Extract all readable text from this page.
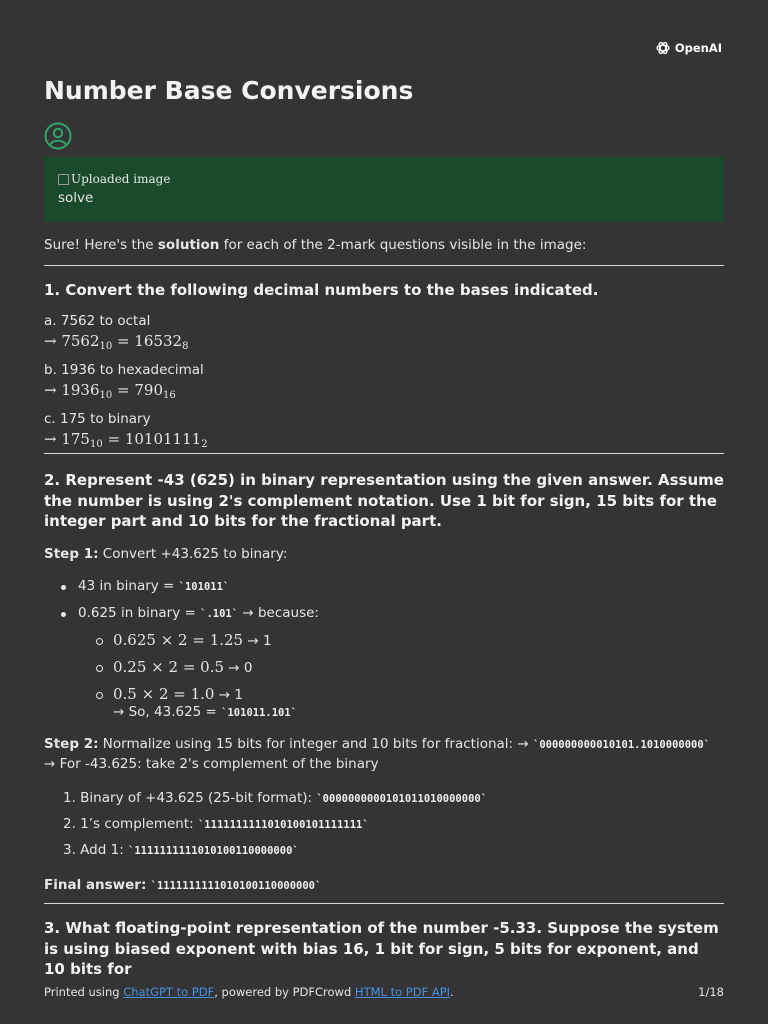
OpenAI
Number Base Conversions
Uploaded image
solve
Sure! Here's the solution for each of the 2-mark questions visible in the image:
1. Convert the following decimal numbers to the bases indicated.
a. 7562 to octal
→ $7562_{10} = 16532_8$
b. 1936 to hexadecimal
→ $1936_{10} = 790_{16}$
c. 175 to binary
→ $175_{10} = 10101111_2$
2. Represent -43 (625) in binary representation using the given answer. Assume the number is using 2's complement notation. Use 1 bit for sign, 15 bits for the integer part and 10 bits for the fractional part.
Step 1: Convert +43.625 to binary:
43 in binary = `101011`
0.625 in binary = `.101` → because:
0.625 × 2 = 1.25 → 1
0.25 × 2 = 0.5 → 0
0.5 × 2 = 1.0 → 1
→ So, 43.625 = `101011.101`
Step 2: Normalize using 15 bits for integer and 10 bits for fractional: → `000000000010101.1010000000`
→ For -43.625: take 2's complement of the binary
1. Binary of +43.625 (25-bit format): `0000000000101011010000000`
2. 1’s complement: `1111111111010100101111111`
3. Add 1: `1111111111010100110000000`
Final answer: `1111111111010100110000000`
3. What floating-point representation of the number -5.33. Suppose the system is using biased exponent with bias 16, 1 bit for sign, 5 bits for exponent, and 10 bits for
Printed using ChatGPT to PDF, powered by PDFCrowd HTML to PDF API.	1/18
